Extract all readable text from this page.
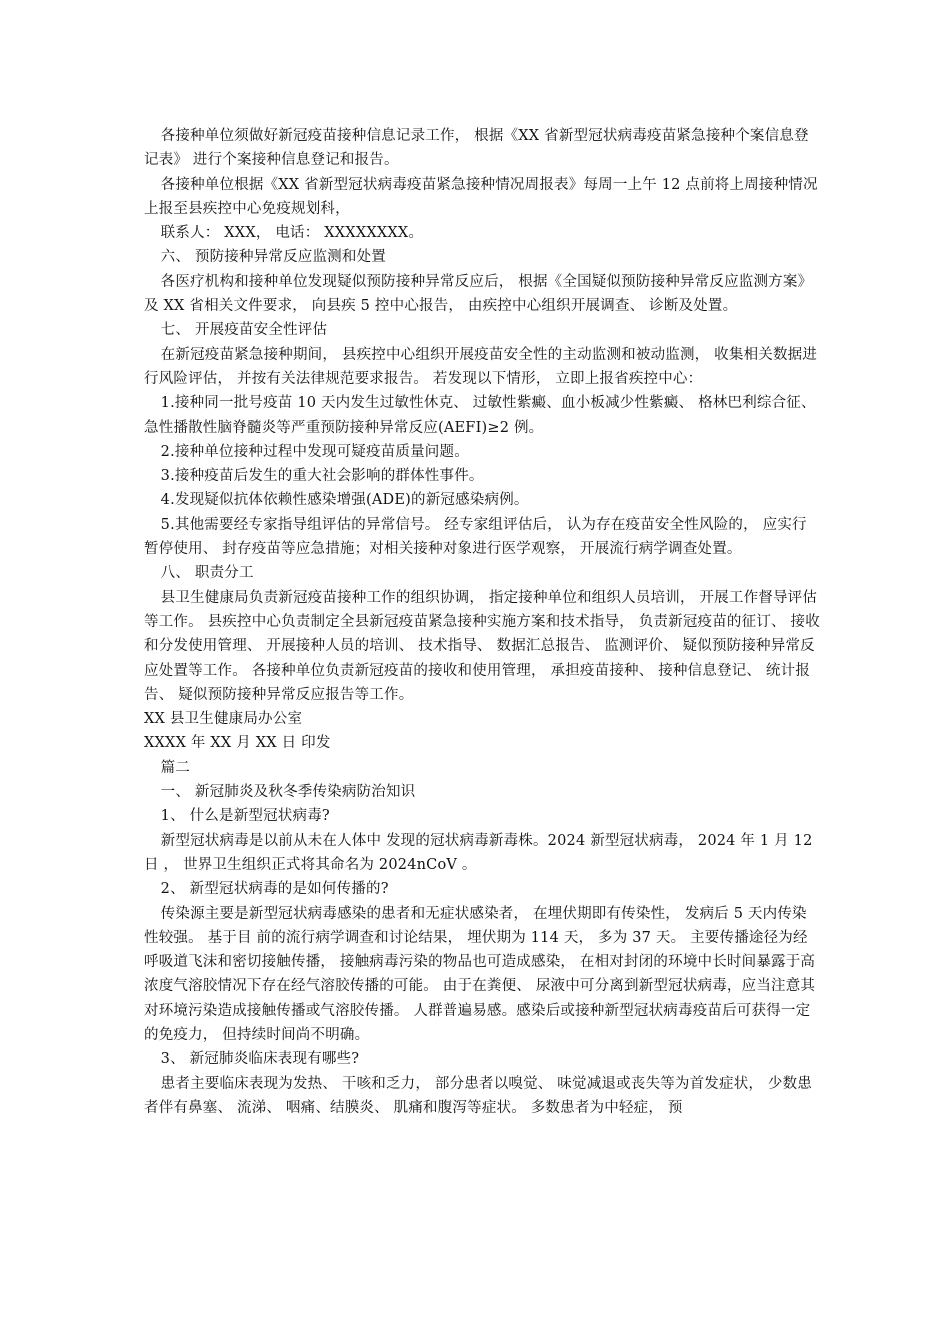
各接种单位须做好新冠疫苗接种信息记录工作， 根据《XX 省新型冠状病毒疫苗紧急接种个案信息登记表》 进行个案接种信息登记和报告。

各接种单位根据《XX 省新型冠状病毒疫苗紧急接种情况周报表》每周一上午 12 点前将上周接种情况上报至县疾控中心免疫规划科，

联系人： XXX， 电话： XXXXXXXX。

六、 预防接种异常反应监测和处置

各医疗机构和接种单位发现疑似预防接种异常反应后， 根据《全国疑似预防接种异常反应监测方案》 及 XX 省相关文件要求， 向县疾 5 控中心报告， 由疾控中心组织开展调查、 诊断及处置。

七、 开展疫苗安全性评估

在新冠疫苗紧急接种期间， 县疾控中心组织开展疫苗安全性的主动监测和被动监测， 收集相关数据进行风险评估， 并按有关法律规范要求报告。 若发现以下情形， 立即上报省疾控中心：

1.接种同一批号疫苗 10 天内发生过敏性休克、 过敏性紫癜、血小板减少性紫癜、 格林巴利综合征、 急性播散性脑脊髓炎等严重预防接种异常反应(AEFI)≥2 例。

2.接种单位接种过程中发现可疑疫苗质量问题。

3.接种疫苗后发生的重大社会影响的群体性事件。

4.发现疑似抗体依赖性感染增强(ADE)的新冠感染病例。

5.其他需要经专家指导组评估的异常信号。 经专家组评估后， 认为存在疫苗安全性风险的， 应实行暂停使用、 封存疫苗等应急措施；对相关接种对象进行医学观察， 开展流行病学调查处置。

八、 职责分工

县卫生健康局负责新冠疫苗接种工作的组织协调， 指定接种单位和组织人员培训， 开展工作督导评估等工作。 县疾控中心负责制定全县新冠疫苗紧急接种实施方案和技术指导， 负责新冠疫苗的征订、 接收和分发使用管理、 开展接种人员的培训、 技术指导、 数据汇总报告、 监测评价、 疑似预防接种异常反应处置等工作。 各接种单位负责新冠疫苗的接收和使用管理， 承担疫苗接种、 接种信息登记、 统计报告、 疑似预防接种异常反应报告等工作。

XX 县卫生健康局办公室

XXXX 年 XX 月 XX 日 印发

篇二

一、 新冠肺炎及秋冬季传染病防治知识

1、 什么是新型冠状病毒?

新型冠状病毒是以前从未在人体中 发现的冠状病毒新毒株。2024 新型冠状病毒， 2024 年 1 月 12 日 ， 世界卫生组织正式将其命名为 2024nCoV 。

2、 新型冠状病毒的是如何传播的?

传染源主要是新型冠状病毒感染的患者和无症状感染者， 在埋伏期即有传染性， 发病后 5 天内传染性较强。 基于目 前的流行病学调查和讨论结果， 埋伏期为 114 天， 多为 37 天。 主要传播途径为经呼吸道飞沫和密切接触传播， 接触病毒污染的物品也可造成感染， 在相对封闭的环境中长时间暴露于高浓度气溶胶情况下存在经气溶胶传播的可能。 由于在粪便、 尿液中可分离到新型冠状病毒，应当注意其对环境污染造成接触传播或气溶胶传播。 人群普遍易感。感染后或接种新型冠状病毒疫苗后可获得一定的免疫力， 但持续时间尚不明确。

3、 新冠肺炎临床表现有哪些?

患者主要临床表现为发热、 干咳和乏力， 部分患者以嗅觉、 味觉减退或丧失等为首发症状， 少数患者伴有鼻塞、 流涕、 咽痛、结膜炎、 肌痛和腹泻等症状。 多数患者为中轻症， 预
